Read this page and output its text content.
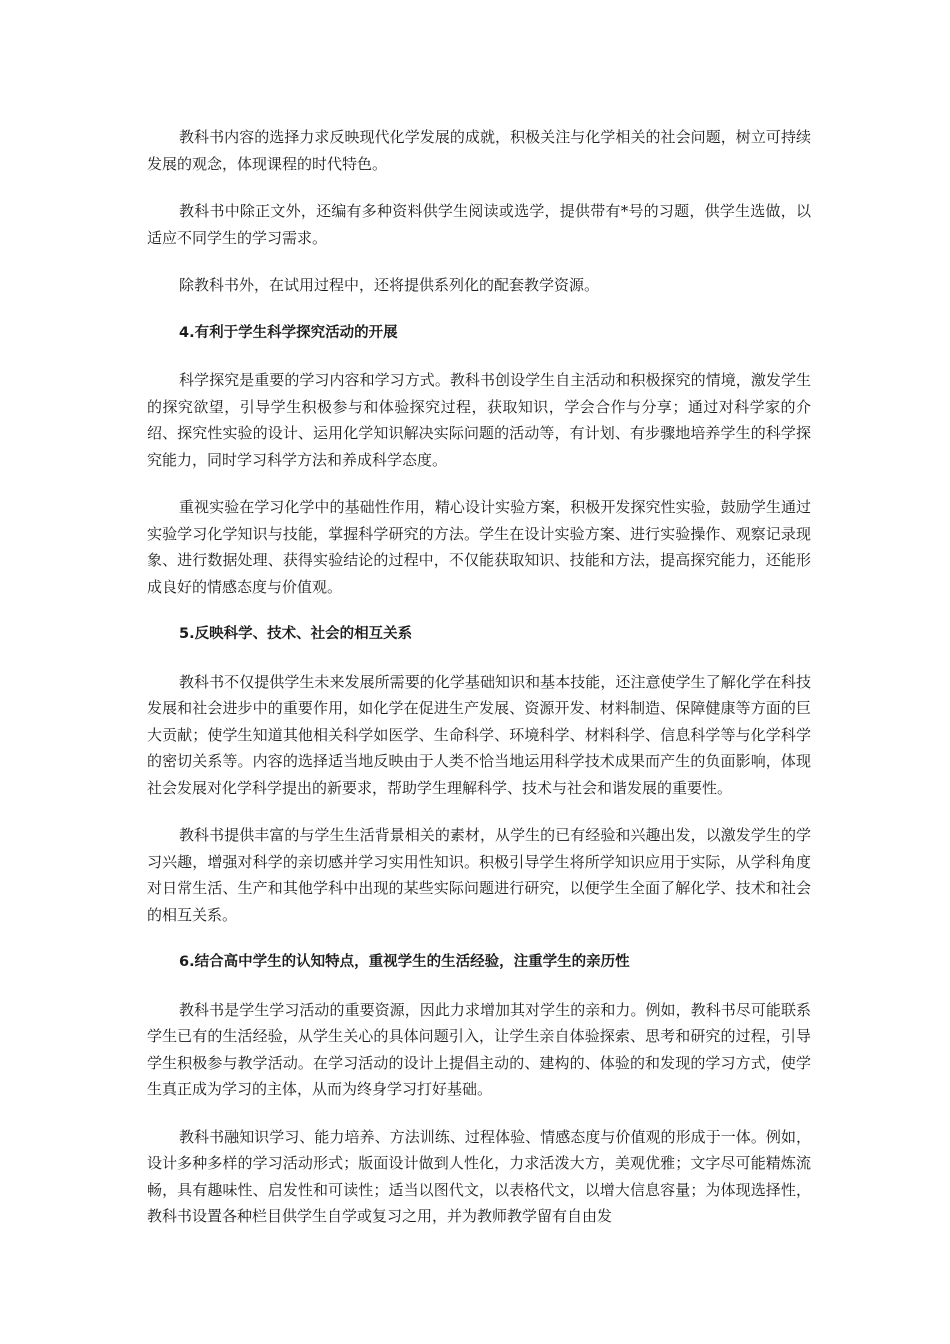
教科书内容的选择力求反映现代化学发展的成就，积极关注与化学相关的社会问题，树立可持续发展的观念，体现课程的时代特色。

教科书中除正文外，还编有多种资料供学生阅读或选学，提供带有*号的习题，供学生选做，以适应不同学生的学习需求。

除教科书外，在试用过程中，还将提供系列化的配套教学资源。

4.有利于学生科学探究活动的开展

科学探究是重要的学习内容和学习方式。教科书创设学生自主活动和积极探究的情境，激发学生的探究欲望，引导学生积极参与和体验探究过程，获取知识，学会合作与分享；通过对科学家的介绍、探究性实验的设计、运用化学知识解决实际问题的活动等，有计划、有步骤地培养学生的科学探究能力，同时学习科学方法和养成科学态度。

重视实验在学习化学中的基础性作用，精心设计实验方案，积极开发探究性实验，鼓励学生通过实验学习化学知识与技能，掌握科学研究的方法。学生在设计实验方案、进行实验操作、观察记录现象、进行数据处理、获得实验结论的过程中，不仅能获取知识、技能和方法，提高探究能力，还能形成良好的情感态度与价值观。

5.反映科学、技术、社会的相互关系

教科书不仅提供学生未来发展所需要的化学基础知识和基本技能，还注意使学生了解化学在科技发展和社会进步中的重要作用，如化学在促进生产发展、资源开发、材料制造、保障健康等方面的巨大贡献；使学生知道其他相关科学如医学、生命科学、环境科学、材料科学、信息科学等与化学科学的密切关系等。内容的选择适当地反映由于人类不恰当地运用科学技术成果而产生的负面影响，体现社会发展对化学科学提出的新要求，帮助学生理解科学、技术与社会和谐发展的重要性。

教科书提供丰富的与学生生活背景相关的素材，从学生的已有经验和兴趣出发，以激发学生的学习兴趣，增强对科学的亲切感并学习实用性知识。积极引导学生将所学知识应用于实际，从学科角度对日常生活、生产和其他学科中出现的某些实际问题进行研究，以便学生全面了解化学、技术和社会的相互关系。

6.结合高中学生的认知特点，重视学生的生活经验，注重学生的亲历性

教科书是学生学习活动的重要资源，因此力求增加其对学生的亲和力。例如，教科书尽可能联系学生已有的生活经验，从学生关心的具体问题引入，让学生亲自体验探索、思考和研究的过程，引导学生积极参与教学活动。在学习活动的设计上提倡主动的、建构的、体验的和发现的学习方式，使学生真正成为学习的主体，从而为终身学习打好基础。

教科书融知识学习、能力培养、方法训练、过程体验、情感态度与价值观的形成于一体。例如，设计多种多样的学习活动形式；版面设计做到人性化，力求活泼大方，美观优雅；文字尽可能精炼流畅，具有趣味性、启发性和可读性；适当以图代文，以表格代文，以增大信息容量；为体现选择性，教科书设置各种栏目供学生自学或复习之用，并为教师教学留有自由发
